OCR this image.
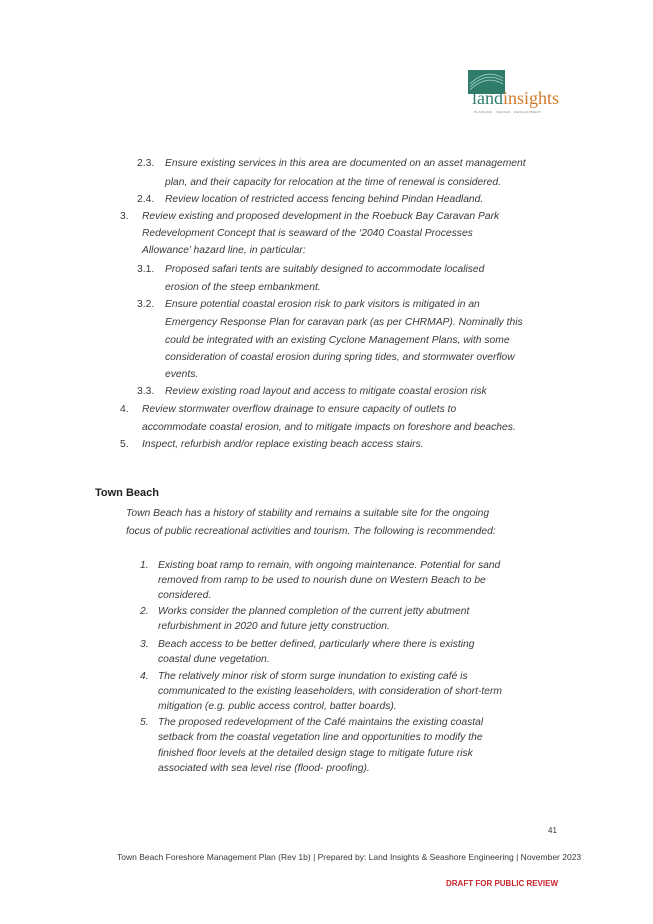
landinsights
PLANNING · DESIGN · DEVELOPMENT
2.3. Ensure existing services in this area are documented on an asset management
plan, and their capacity for relocation at the time of renewal is considered.
2.4. Review location of restricted access fencing behind Pindan Headland.
3. Review existing and proposed development in the Roebuck Bay Caravan Park
Redevelopment Concept that is seaward of the ‘2040 Coastal Processes
Allowance’ hazard line, in particular:
3.1. Proposed safari tents are suitably designed to accommodate localised
erosion of the steep embankment.
3.2. Ensure potential coastal erosion risk to park visitors is mitigated in an
Emergency Response Plan for caravan park (as per CHRMAP). Nominally this
could be integrated with an existing Cyclone Management Plans, with some
consideration of coastal erosion during spring tides, and stormwater overflow
events.
3.3. Review existing road layout and access to mitigate coastal erosion risk
4. Review stormwater overflow drainage to ensure capacity of outlets to
accommodate coastal erosion, and to mitigate impacts on foreshore and beaches.
5. Inspect, refurbish and/or replace existing beach access stairs.
Town Beach
Town Beach has a history of stability and remains a suitable site for the ongoing
focus of public recreational activities and tourism. The following is recommended:
1. Existing boat ramp to remain, with ongoing maintenance. Potential for sand
removed from ramp to be used to nourish dune on Western Beach to be
considered.
2. Works consider the planned completion of the current jetty abutment
refurbishment in 2020 and future jetty construction.
3. Beach access to be better defined, particularly where there is existing
coastal dune vegetation.
4. The relatively minor risk of storm surge inundation to existing café is
communicated to the existing leaseholders, with consideration of short-term
mitigation (e.g. public access control, batter boards).
5. The proposed redevelopment of the Café maintains the existing coastal
setback from the coastal vegetation line and opportunities to modify the
finished floor levels at the detailed design stage to mitigate future risk
associated with sea level rise (flood- proofing).
41
Town Beach Foreshore Management Plan (Rev 1b) | Prepared by: Land Insights & Seashore Engineering | November 2023
DRAFT FOR PUBLIC REVIEW
